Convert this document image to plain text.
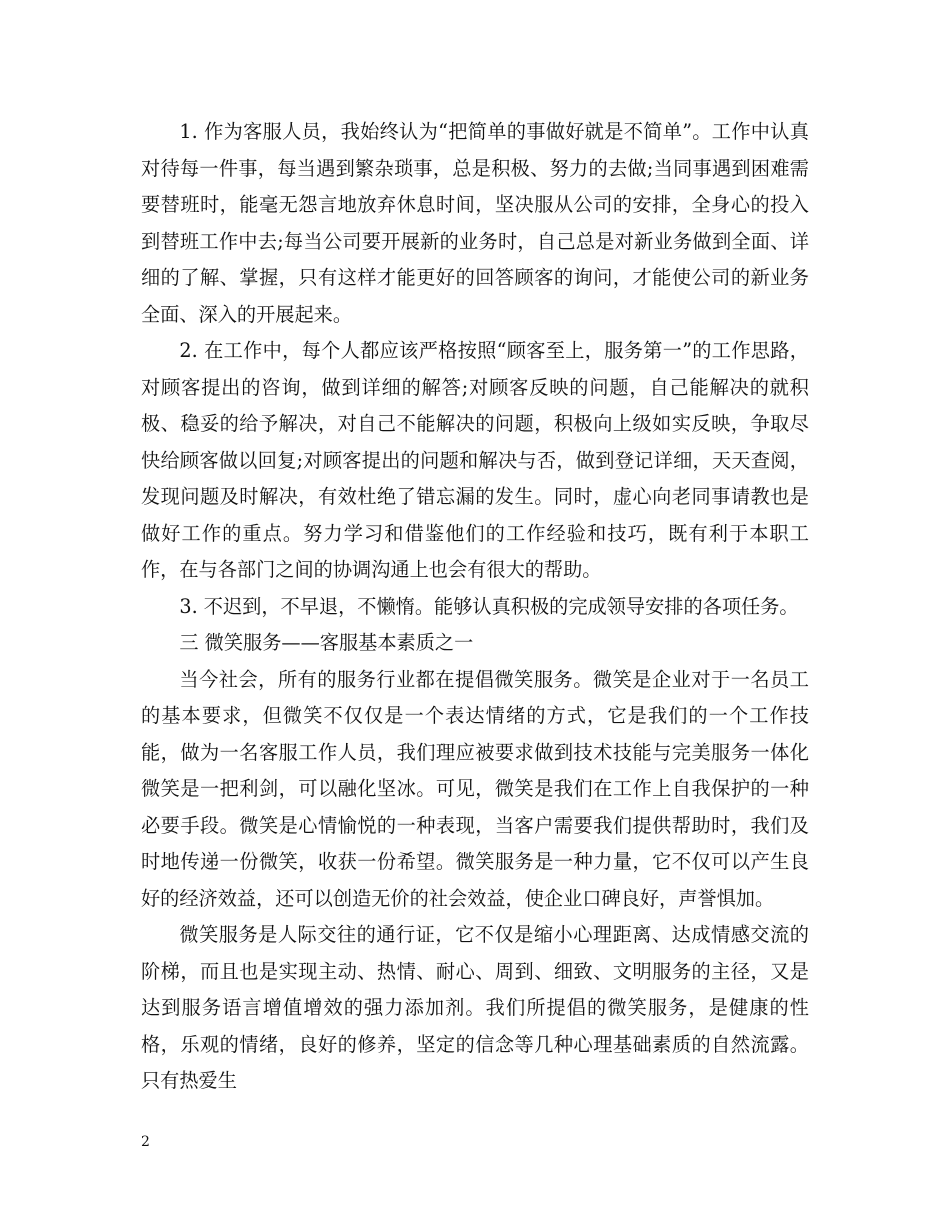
1. 作为客服人员，我始终认为“把简单的事做好就是不简单”。工作中认真对待每一件事，每当遇到繁杂琐事，总是积极、努力的去做;当同事遇到困难需要替班时，能毫无怨言地放弃休息时间，坚决服从公司的安排，全身心的投入到替班工作中去;每当公司要开展新的业务时，自己总是对新业务做到全面、详细的了解、掌握，只有这样才能更好的回答顾客的询问，才能使公司的新业务全面、深入的开展起来。

2. 在工作中，每个人都应该严格按照“顾客至上，服务第一”的工作思路，对顾客提出的咨询，做到详细的解答;对顾客反映的问题，自己能解决的就积极、稳妥的给予解决，对自己不能解决的问题，积极向上级如实反映，争取尽快给顾客做以回复;对顾客提出的问题和解决与否，做到登记详细，天天查阅，发现问题及时解决，有效杜绝了错忘漏的发生。同时，虚心向老同事请教也是做好工作的重点。努力学习和借鉴他们的工作经验和技巧，既有利于本职工作，在与各部门之间的协调沟通上也会有很大的帮助。

3. 不迟到，不早退，不懒惰。能够认真积极的完成领导安排的各项任务。

三 微笑服务——客服基本素质之一

当今社会，所有的服务行业都在提倡微笑服务。微笑是企业对于一名员工的基本要求，但微笑不仅仅是一个表达情绪的方式，它是我们的一个工作技能，做为一名客服工作人员，我们理应被要求做到技术技能与完美服务一体化微笑是一把利剑，可以融化坚冰。可见，微笑是我们在工作上自我保护的一种必要手段。微笑是心情愉悦的一种表现，当客户需要我们提供帮助时，我们及时地传递一份微笑，收获一份希望。微笑服务是一种力量，它不仅可以产生良好的经济效益，还可以创造无价的社会效益，使企业口碑良好，声誉惧加。

微笑服务是人际交往的通行证，它不仅是缩小心理距离、达成情感交流的阶梯，而且也是实现主动、热情、耐心、周到、细致、文明服务的主径，又是达到服务语言增值增效的强力添加剂。我们所提倡的微笑服务，是健康的性格，乐观的情绪，良好的修养，坚定的信念等几种心理基础素质的自然流露。只有热爱生

2
